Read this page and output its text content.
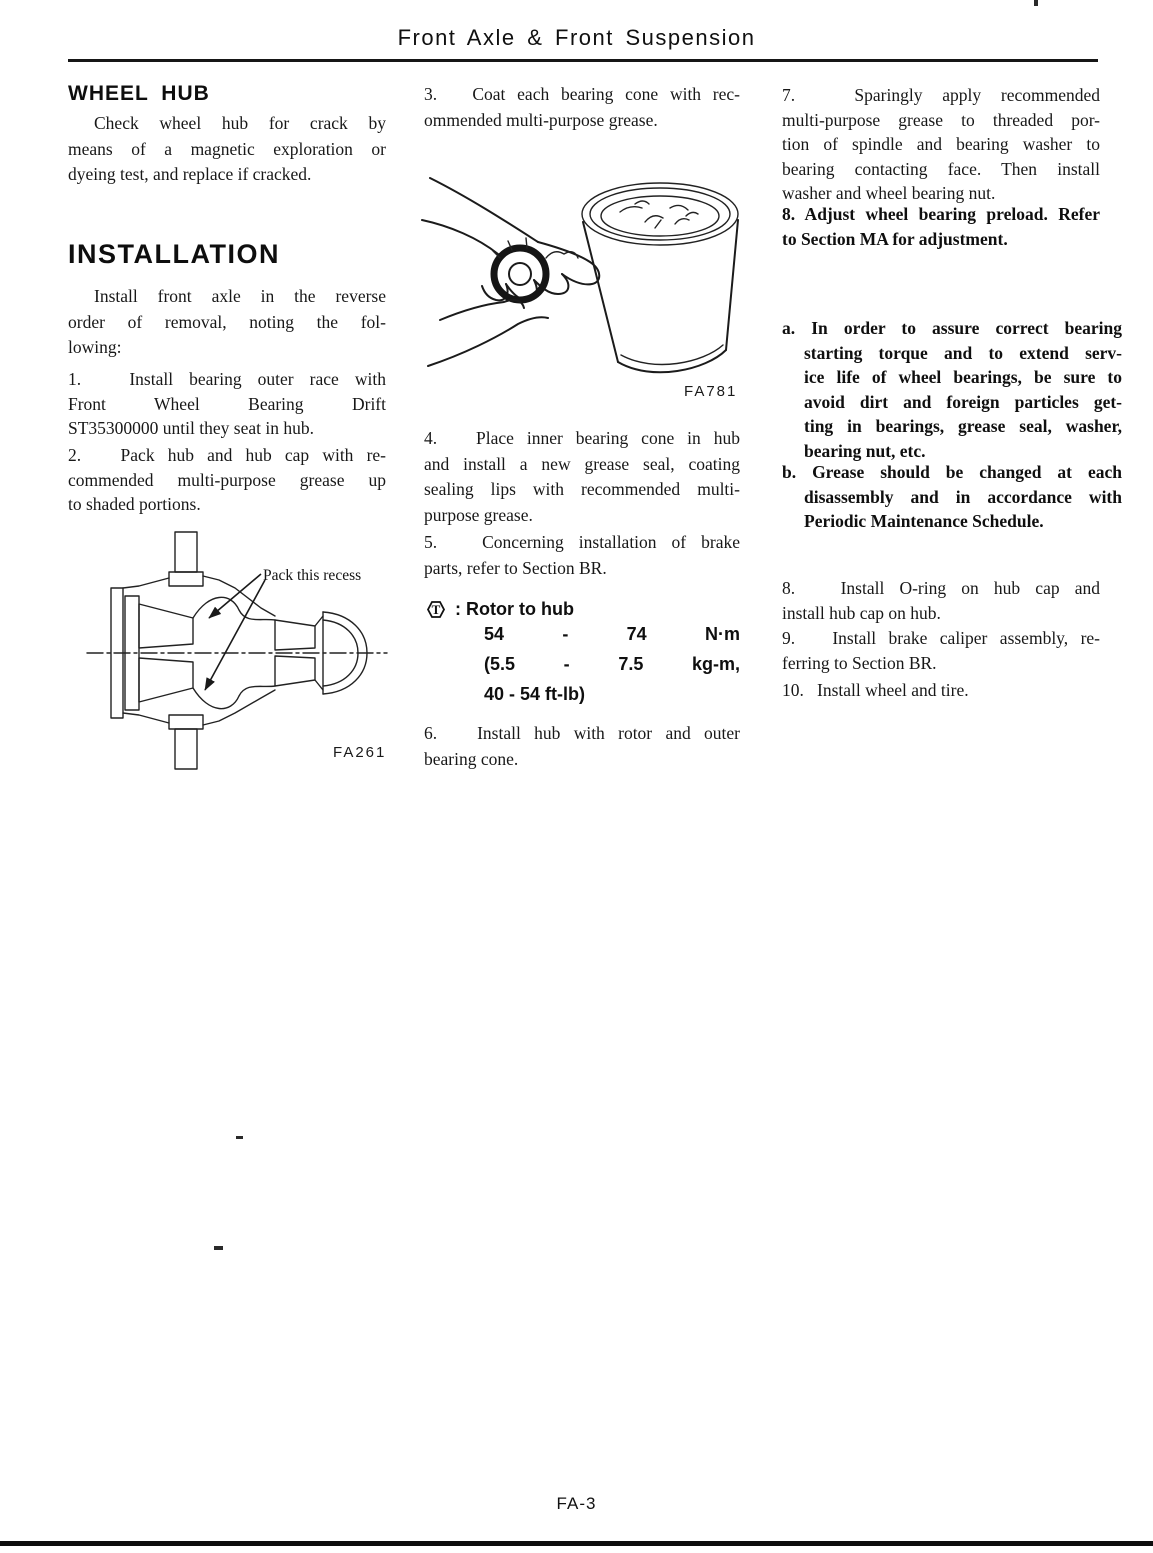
Front Axle & Front Suspension
WHEEL HUB
Check wheel hub for crack by
means of a magnetic exploration or
dyeing test, and replace if cracked.
INSTALLATION
Install front axle in the reverse
order of removal, noting the fol-
lowing:
1.   Install bearing outer race with
Front Wheel Bearing Drift
ST35300000 until they seat in hub.
2.   Pack hub and hub cap with re-
commended multi-purpose grease up
to shaded portions.
Pack this recess
FA261
3.   Coat each bearing cone with rec-
ommended multi-purpose grease.
4.   Place inner bearing cone in hub
and install a new grease seal, coating
sealing lips with recommended multi-
purpose grease.
5.   Concerning installation of brake
parts, refer to Section BR.
T : Rotor to hub
54 - 74 N·m
(5.5 - 7.5 kg-m,
40 - 54 ft-lb)
6.   Install hub with rotor and outer
bearing cone.
FA781
7.   Sparingly apply recommended
multi-purpose grease to threaded por-
tion of spindle and bearing washer to
bearing contacting face. Then install
washer and wheel bearing nut.
8. Adjust wheel bearing preload. Refer
to Section MA for adjustment.
a. In order to assure correct bearing
starting torque and to extend serv-
ice life of wheel bearings, be sure to
avoid dirt and foreign particles get-
ting in bearings, grease seal, washer,
bearing nut, etc.
b. Grease should be changed at each
disassembly and in accordance with
Periodic Maintenance Schedule.
8.   Install O-ring on hub cap and
install hub cap on hub.
9.   Install brake caliper assembly, re-
ferring to Section BR.
10.   Install wheel and tire.
FA-3
